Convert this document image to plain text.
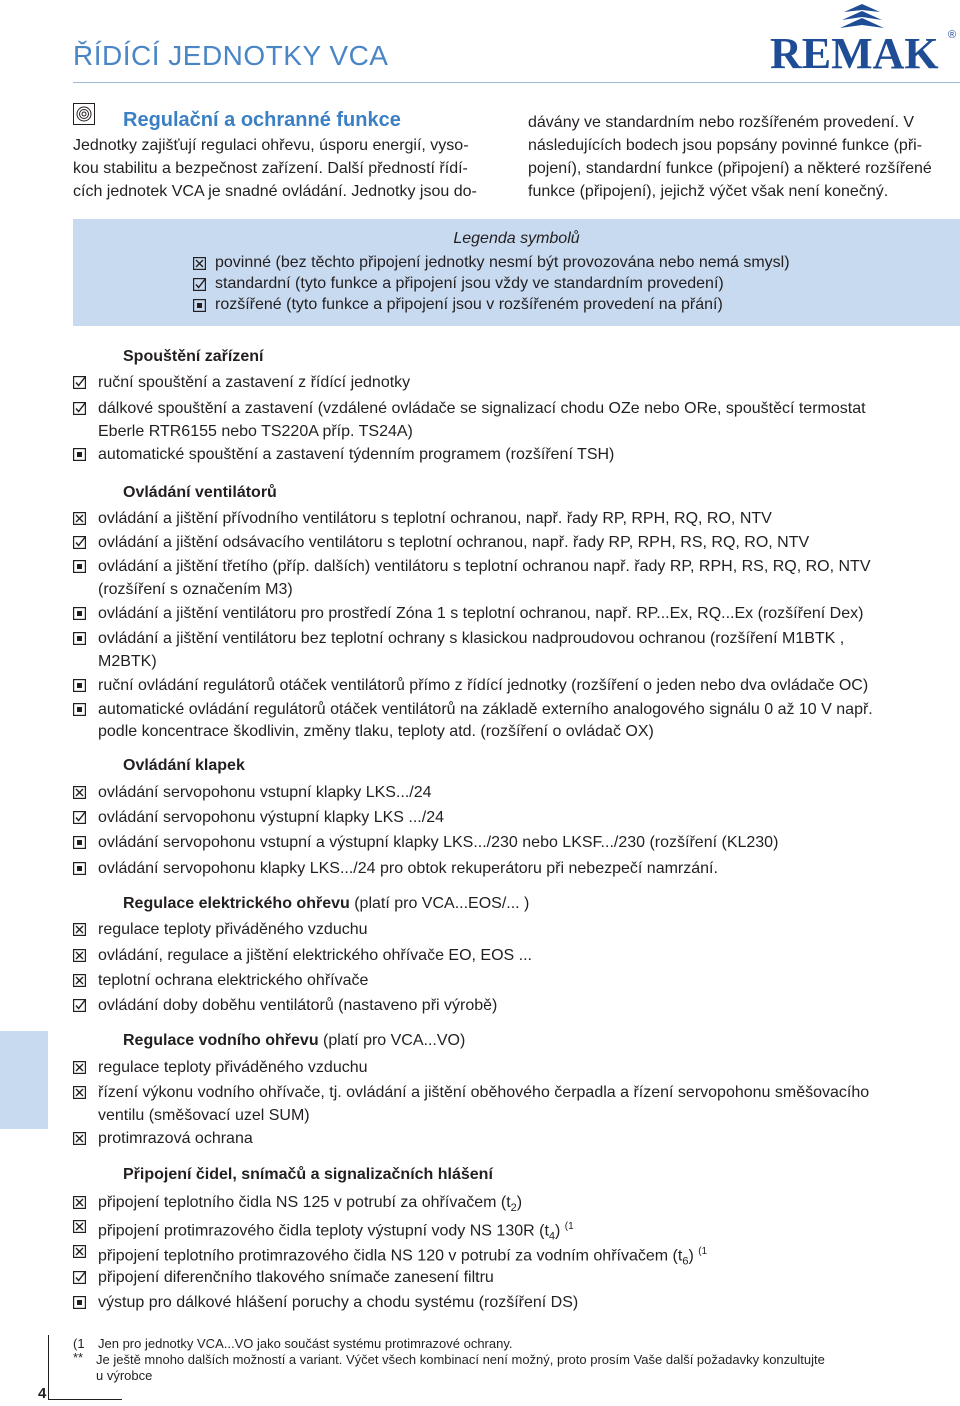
ŘÍDÍCÍ JEDNOTKY VCA	REMAK ®
Regulační a ochranné funkce
Jednotky zajišťují regulaci ohřevu, úsporu energií, vyso-
kou stabilitu a bezpečnost zařízení. Další předností řídí-
cích jednotek VCA je snadné ovládání. Jednotky jsou do-
dávány ve standardním nebo rozšířeném provedení. V
následujících bodech jsou popsány povinné funkce (při-
pojení), standardní funkce (připojení) a některé rozšířené
funkce (připojení), jejichž výčet však není konečný.
Legenda symbolů
povinné (bez těchto připojení jednotky nesmí být provozována nebo nemá smysl)
standardní (tyto funkce a připojení jsou vždy ve standardním provedení)
rozšířené (tyto funkce a připojení jsou v rozšířeném provedení na přání)
Spouštění zařízení
ruční spouštění a zastavení z řídící jednotky
dálkové spouštění a zastavení (vzdálené ovládače se signalizací chodu OZe nebo ORe, spouštěcí termostat
Eberle RTR6155 nebo TS220A příp. TS24A)
automatické spouštění a zastavení týdenním programem (rozšíření TSH)
Ovládání ventilátorů
ovládání a jištění přívodního ventilátoru s teplotní ochranou, např. řady RP, RPH, RQ, RO, NTV
ovládání a jištění odsávacího ventilátoru s teplotní ochranou, např. řady RP, RPH, RS, RQ, RO, NTV
ovládání a jištění třetího (příp. dalších) ventilátoru s teplotní ochranou např. řady RP, RPH, RS, RQ, RO, NTV
(rozšíření s označením M3)
ovládání a jištění ventilátoru pro prostředí Zóna 1 s teplotní ochranou, např. RP...Ex, RQ...Ex (rozšíření Dex)
ovládání a jištění ventilátoru bez teplotní ochrany s klasickou nadproudovou ochranou (rozšíření M1BTK ,
M2BTK)
ruční ovládání regulátorů otáček ventilátorů přímo z řídící jednotky (rozšíření o jeden nebo dva ovládače OC)
automatické ovládání regulátorů otáček ventilátorů na základě externího analogového signálu 0 až 10 V např.
podle koncentrace škodlivin, změny tlaku, teploty atd. (rozšíření o ovládač OX)
Ovládání klapek
ovládání servopohonu vstupní klapky LKS.../24
ovládání servopohonu výstupní klapky LKS .../24
ovládání servopohonu vstupní a výstupní klapky LKS.../230 nebo LKSF.../230 (rozšíření (KL230)
ovládání servopohonu klapky LKS.../24 pro obtok rekuperátoru při nebezpečí namrzání.
Regulace elektrického ohřevu (platí pro VCA...EOS/... )
regulace teploty přiváděného vzduchu
ovládání, regulace a jištění elektrického ohřívače EO, EOS ...
teplotní ochrana elektrického ohřívače
ovládání doby doběhu ventilátorů (nastaveno při výrobě)
Regulace vodního ohřevu (platí pro VCA...VO)
regulace teploty přiváděného vzduchu
řízení výkonu vodního ohřívače, tj. ovládání a jištění oběhového čerpadla a řízení servopohonu směšovacího
ventilu (směšovací uzel SUM)
protimrazová ochrana
Připojení čidel, snímačů a signalizačních hlášení
připojení teplotního čidla NS 125 v potrubí za ohřívačem $(t_2)$
připojení protimrazového čidla teploty výstupní vody NS 130R $(t_4)$ $^{(1}$
připojení teplotního protimrazového čidla NS 120 v potrubí za vodním ohřívačem $(t_6)$ $^{(1}$
připojení diferenčního tlakového snímače zanesení filtru
výstup pro dálkové hlášení poruchy a chodu systému (rozšíření DS)
(1 Jen pro jednotky VCA...VO jako součást systému protimrazové ochrany.
** Je ještě mnoho dalších možností a variant. Výčet všech kombinací není možný, proto prosím Vaše další požadavky konzultujte
u výrobce
4
